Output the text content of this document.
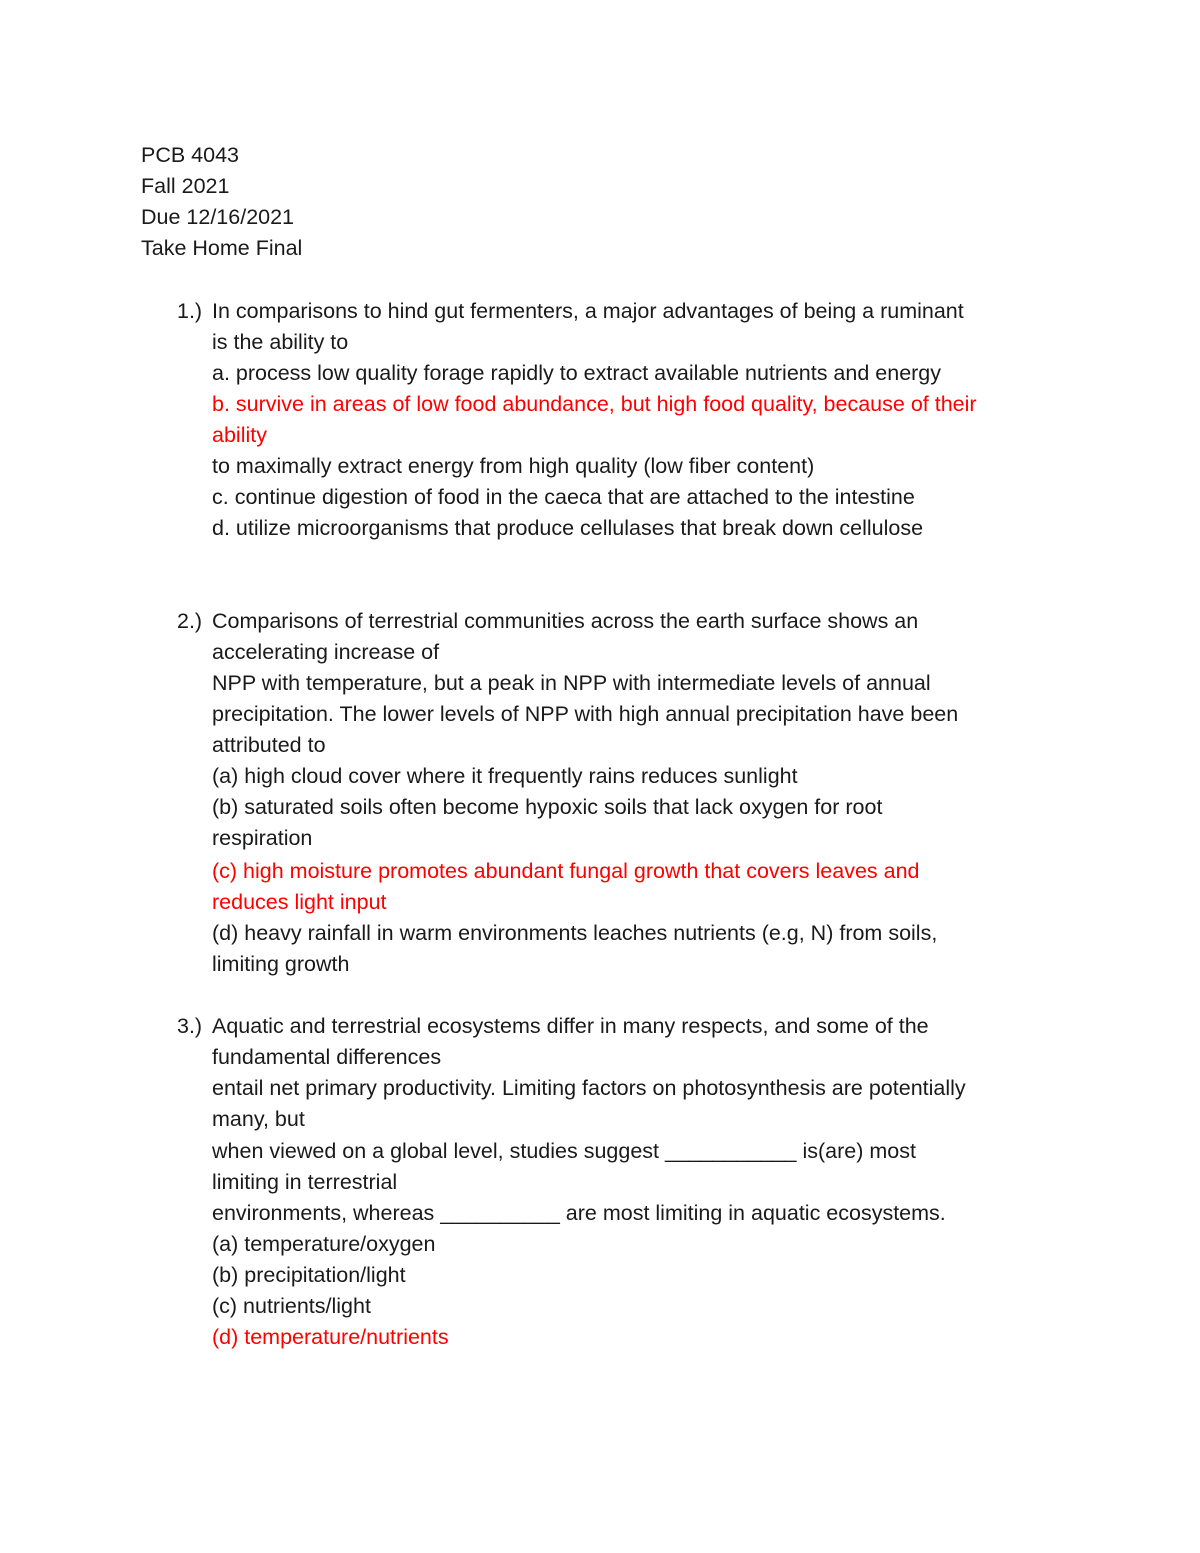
PCB 4043
Fall 2021
Due 12/16/2021
Take Home Final
1.) In comparisons to hind gut fermenters, a major advantages of being a ruminant
is the ability to
a. process low quality forage rapidly to extract available nutrients and energy
b. survive in areas of low food abundance, but high food quality, because of their
ability
to maximally extract energy from high quality (low fiber content)
c. continue digestion of food in the caeca that are attached to the intestine
d. utilize microorganisms that produce cellulases that break down cellulose
2.) Comparisons of terrestrial communities across the earth surface shows an
accelerating increase of
NPP with temperature, but a peak in NPP with intermediate levels of annual
precipitation. The lower levels of NPP with high annual precipitation have been
attributed to
(a) high cloud cover where it frequently rains reduces sunlight
(b) saturated soils often become hypoxic soils that lack oxygen for root
respiration
(c) high moisture promotes abundant fungal growth that covers leaves and
reduces light input
(d) heavy rainfall in warm environments leaches nutrients (e.g, N) from soils,
limiting growth
3.) Aquatic and terrestrial ecosystems differ in many respects, and some of the
fundamental differences
entail net primary productivity. Limiting factors on photosynthesis are potentially
many, but
when viewed on a global level, studies suggest ___________ is(are) most
limiting in terrestrial
environments, whereas __________ are most limiting in aquatic ecosystems.
(a) temperature/oxygen
(b) precipitation/light
(c) nutrients/light
(d) temperature/nutrients
